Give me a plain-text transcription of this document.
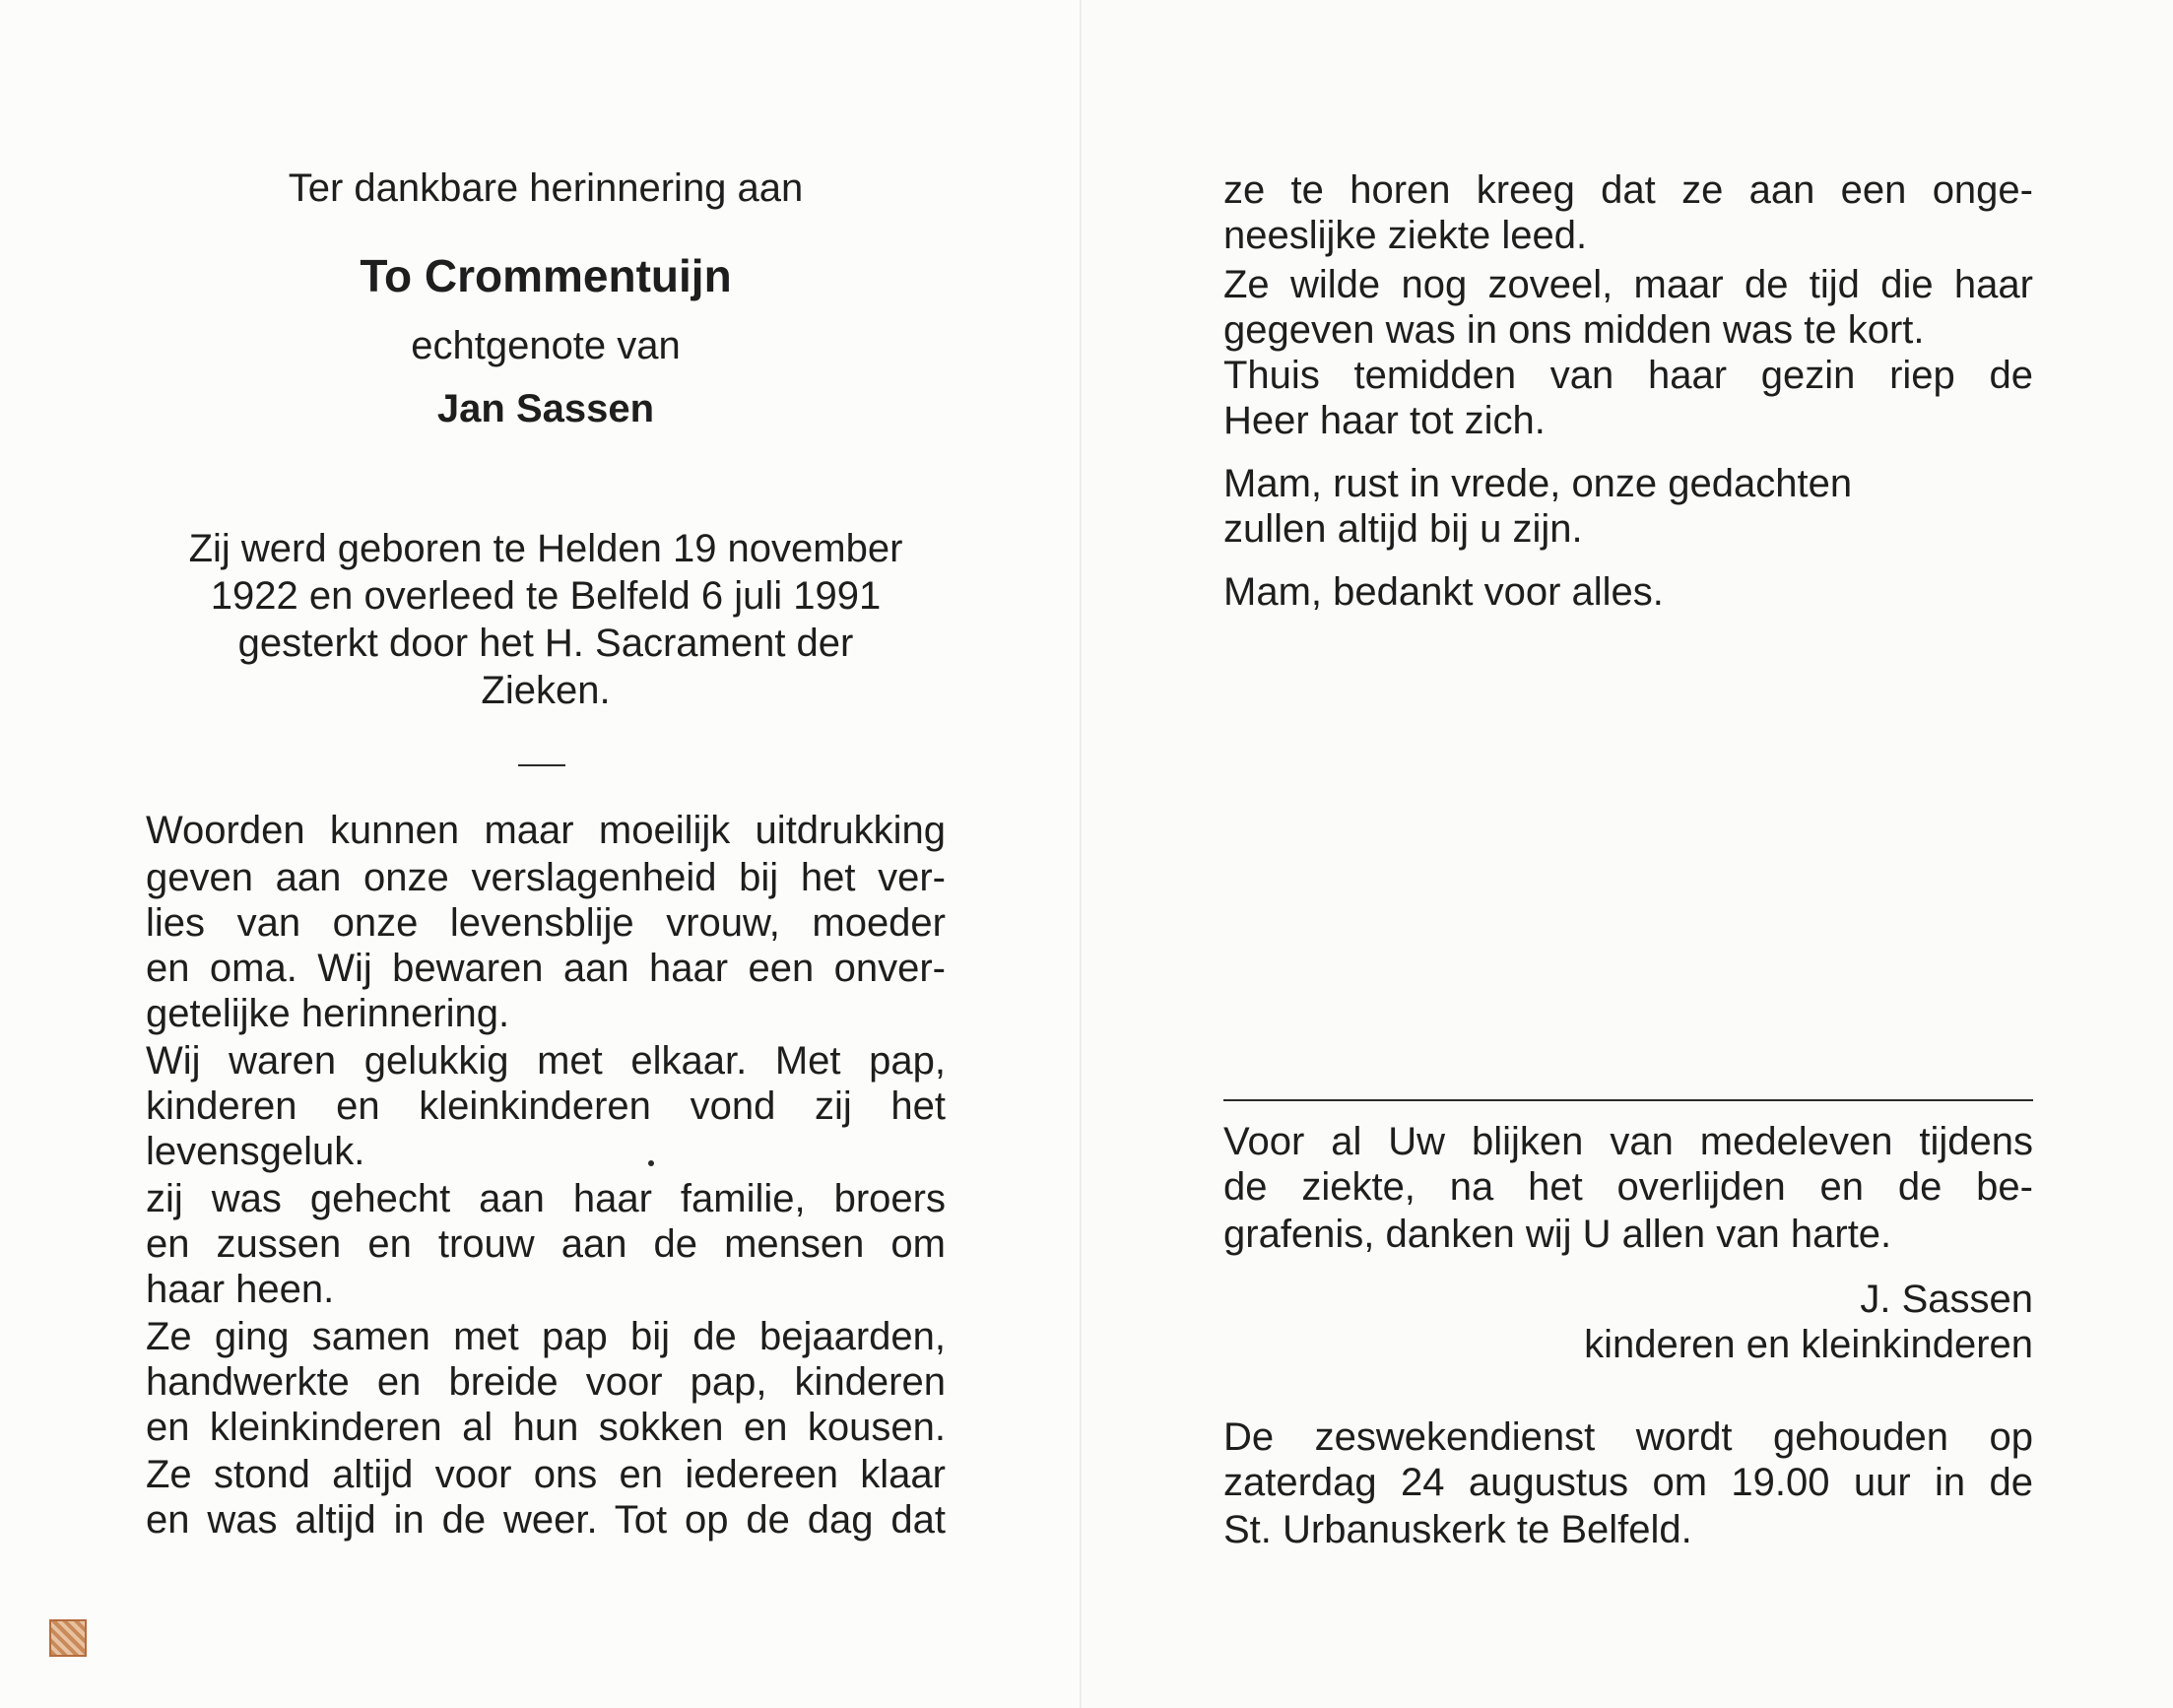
Ter dankbare herinnering aan
To Crommentuijn
echtgenote van
Jan Sassen
Zij werd geboren te Helden 19 november
1922 en overleed te Belfeld 6 juli 1991
gesterkt door het H. Sacrament der
Zieken.
Woorden kunnen maar moeilijk uitdrukking
geven aan onze verslagenheid bij het ver-
lies van onze levensblije vrouw, moeder
en oma. Wij bewaren aan haar een onver-
getelijke herinnering.
Wij waren gelukkig met elkaar. Met pap,
kinderen en kleinkinderen vond zij het
levensgeluk.
zij was gehecht aan haar familie, broers
en zussen en trouw aan de mensen om
haar heen.
Ze ging samen met pap bij de bejaarden,
handwerkte en breide voor pap, kinderen
en kleinkinderen al hun sokken en kousen.
Ze stond altijd voor ons en iedereen klaar
en was altijd in de weer. Tot op de dag dat
ze te horen kreeg dat ze aan een onge-
neeslijke ziekte leed.
Ze wilde nog zoveel, maar de tijd die haar
gegeven was in ons midden was te kort.
Thuis temidden van haar gezin riep de
Heer haar tot zich.
Mam, rust in vrede, onze gedachten
zullen altijd bij u zijn.
Mam, bedankt voor alles.
Voor al Uw blijken van medeleven tijdens
de ziekte, na het overlijden en de be-
grafenis, danken wij U allen van harte.
J. Sassen
kinderen en kleinkinderen
De zeswekendienst wordt gehouden op
zaterdag 24 augustus om 19.00 uur in de
St. Urbanuskerk te Belfeld.
